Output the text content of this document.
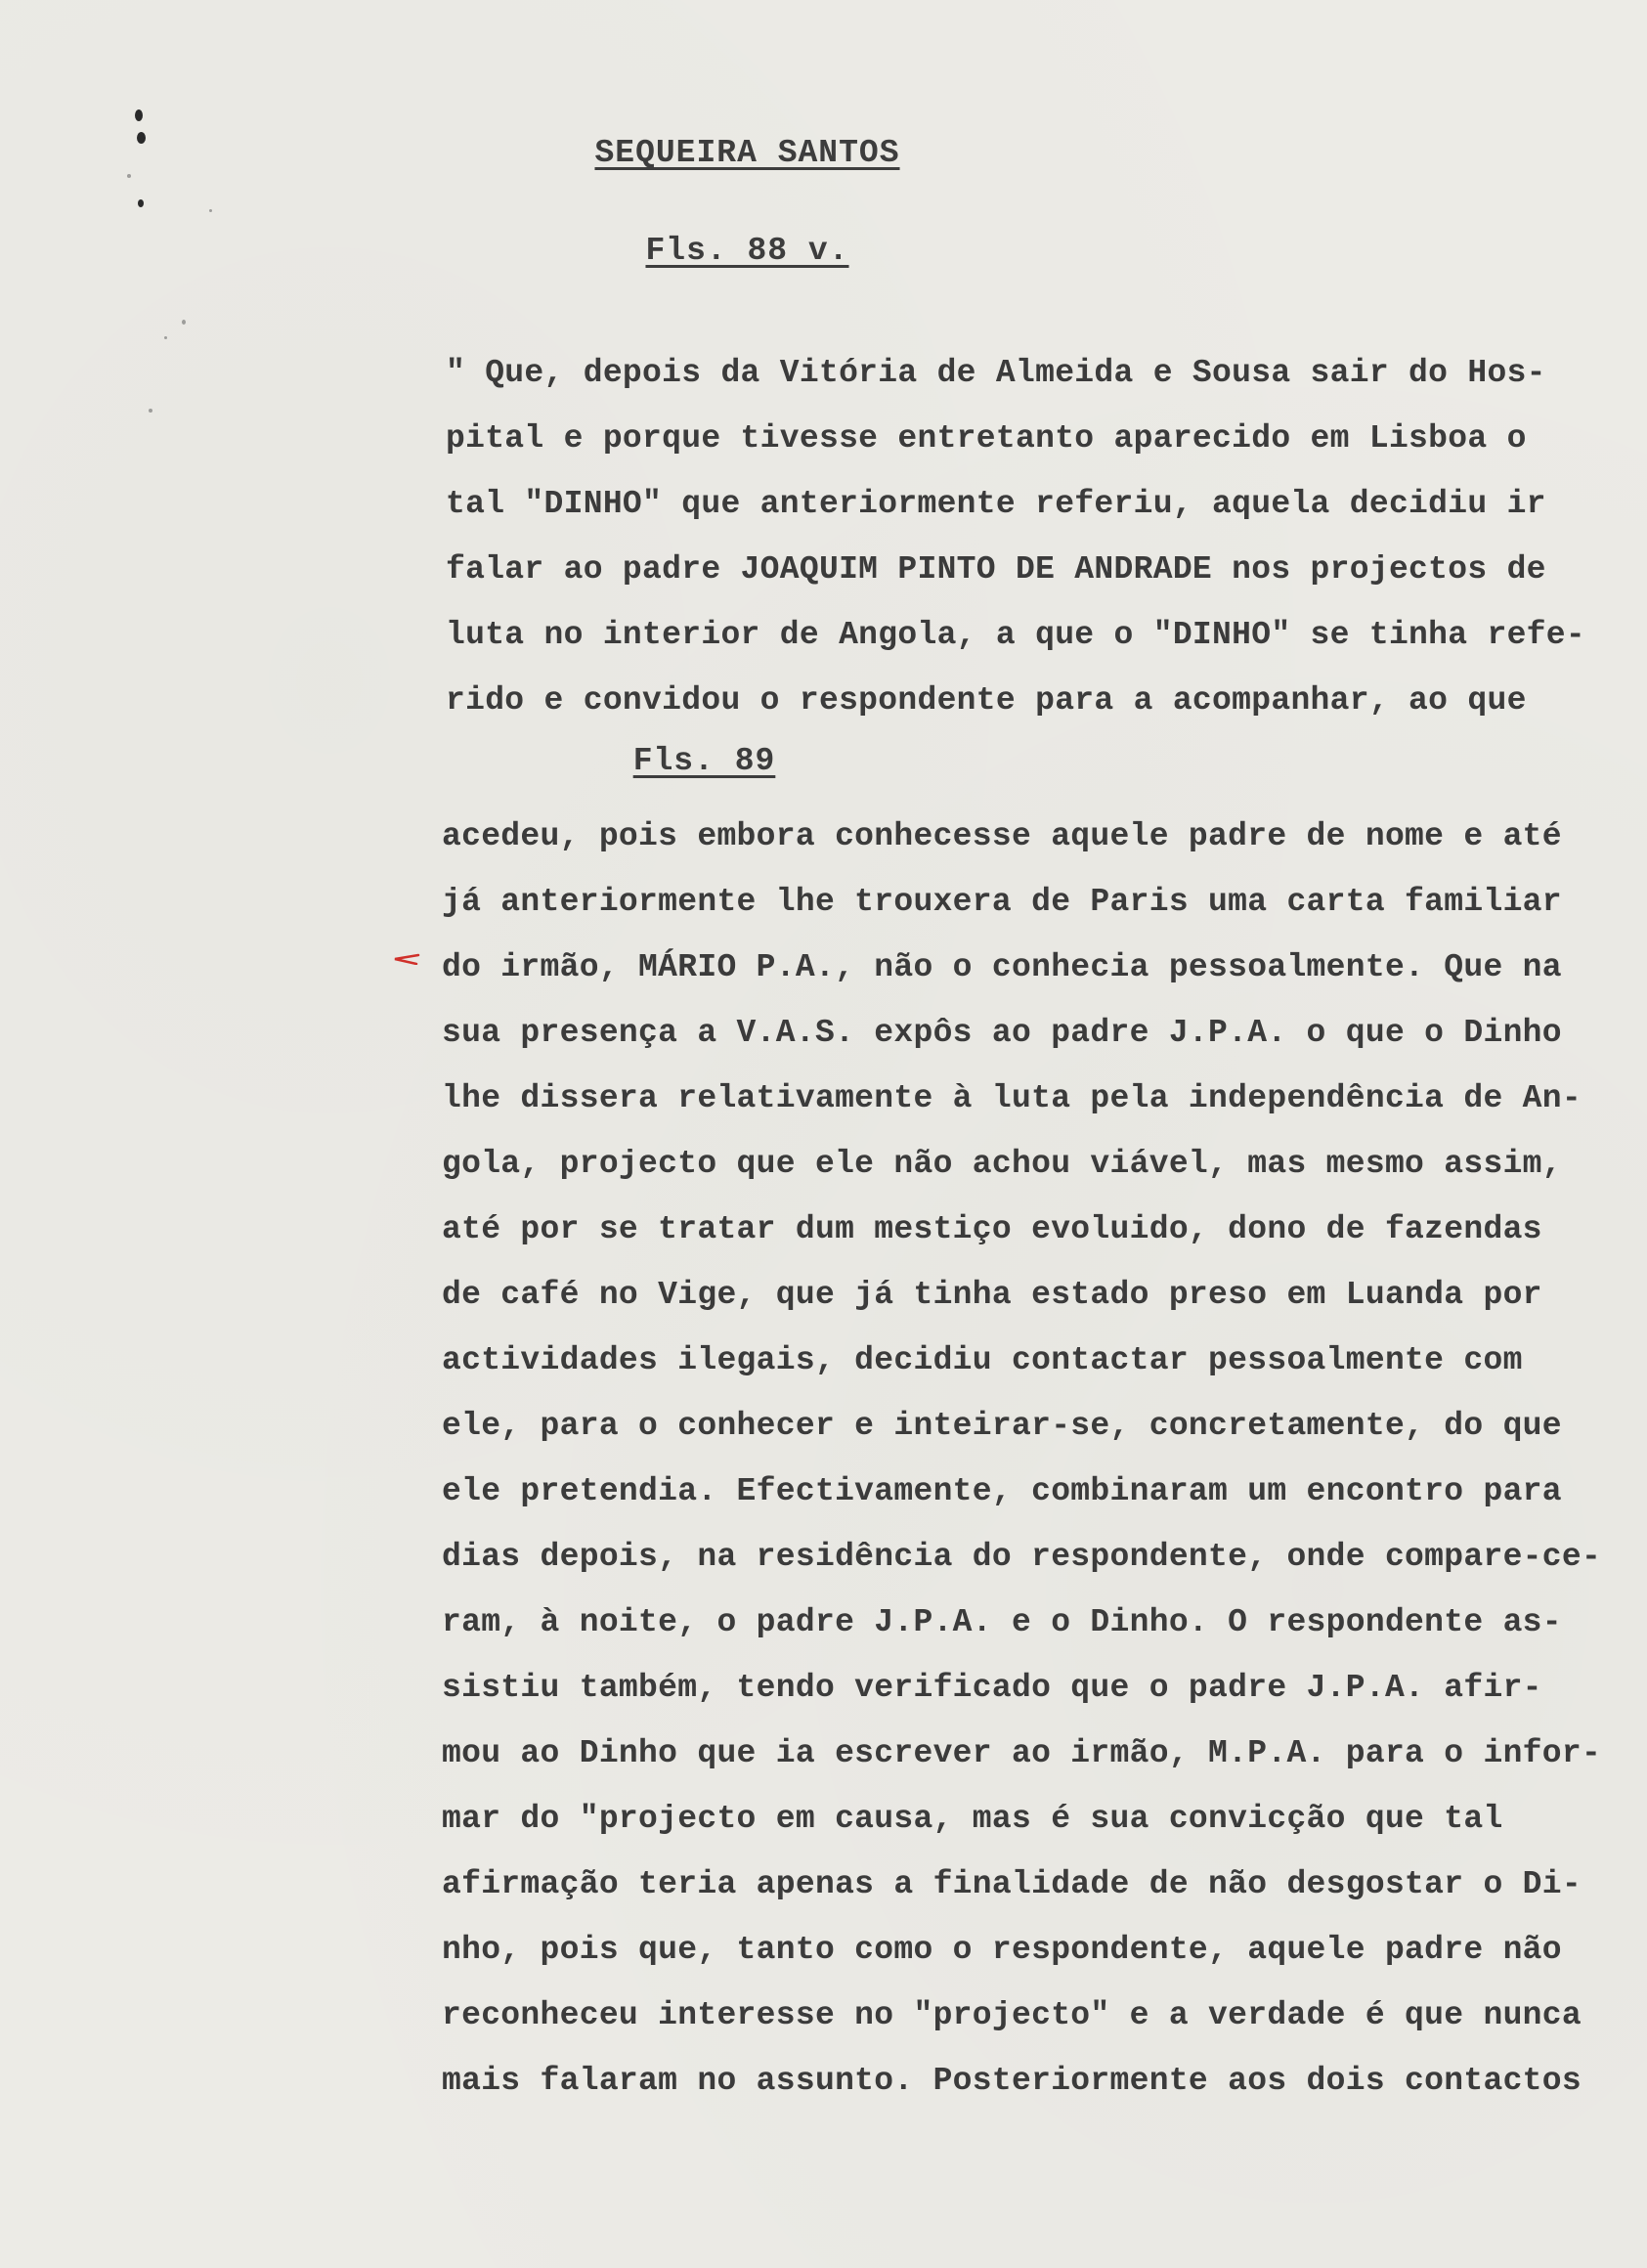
SEQUEIRA SANTOS
Fls. 88 v.
" Que, depois da Vitória de Almeida e Sousa sair do Hos-
pital e porque tivesse entretanto aparecido em Lisboa o
tal "DINHO" que anteriormente referiu, aquela decidiu ir
falar ao padre JOAQUIM PINTO DE ANDRADE nos projectos de
luta no interior de Angola, a que o "DINHO" se tinha refe-
rido e convidou o respondente para a acompanhar, ao que
Fls. 89
acedeu, pois embora conhecesse aquele padre de nome e até
já anteriormente lhe trouxera de Paris uma carta familiar
do irmão, MÁRIO P.A., não o conhecia pessoalmente. Que na
sua presença a V.A.S. expôs ao padre J.P.A. o que o Dinho
lhe dissera relativamente à luta pela independência de An-
gola, projecto que ele não achou viável, mas mesmo assim,
até por se tratar dum mestiço evoluido, dono de fazendas
de café no Vige, que já tinha estado preso em Luanda por
actividades ilegais, decidiu contactar pessoalmente com
ele, para o conhecer e inteirar-se, concretamente, do que
ele pretendia. Efectivamente, combinaram um encontro para
dias depois, na residência do respondente, onde compare-ce-
ram, à noite, o padre J.P.A. e o Dinho. O respondente as-
sistiu também, tendo verificado que o padre J.P.A. afir-
mou ao Dinho que ia escrever ao irmão, M.P.A. para o infor-
mar do "projecto em causa, mas é sua convicção que tal
afirmação teria apenas a finalidade de não desgostar o Di-
nho, pois que, tanto como o respondente, aquele padre não
reconheceu interesse no "projecto" e a verdade é que nunca
mais falaram no assunto. Posteriormente aos dois contactos
